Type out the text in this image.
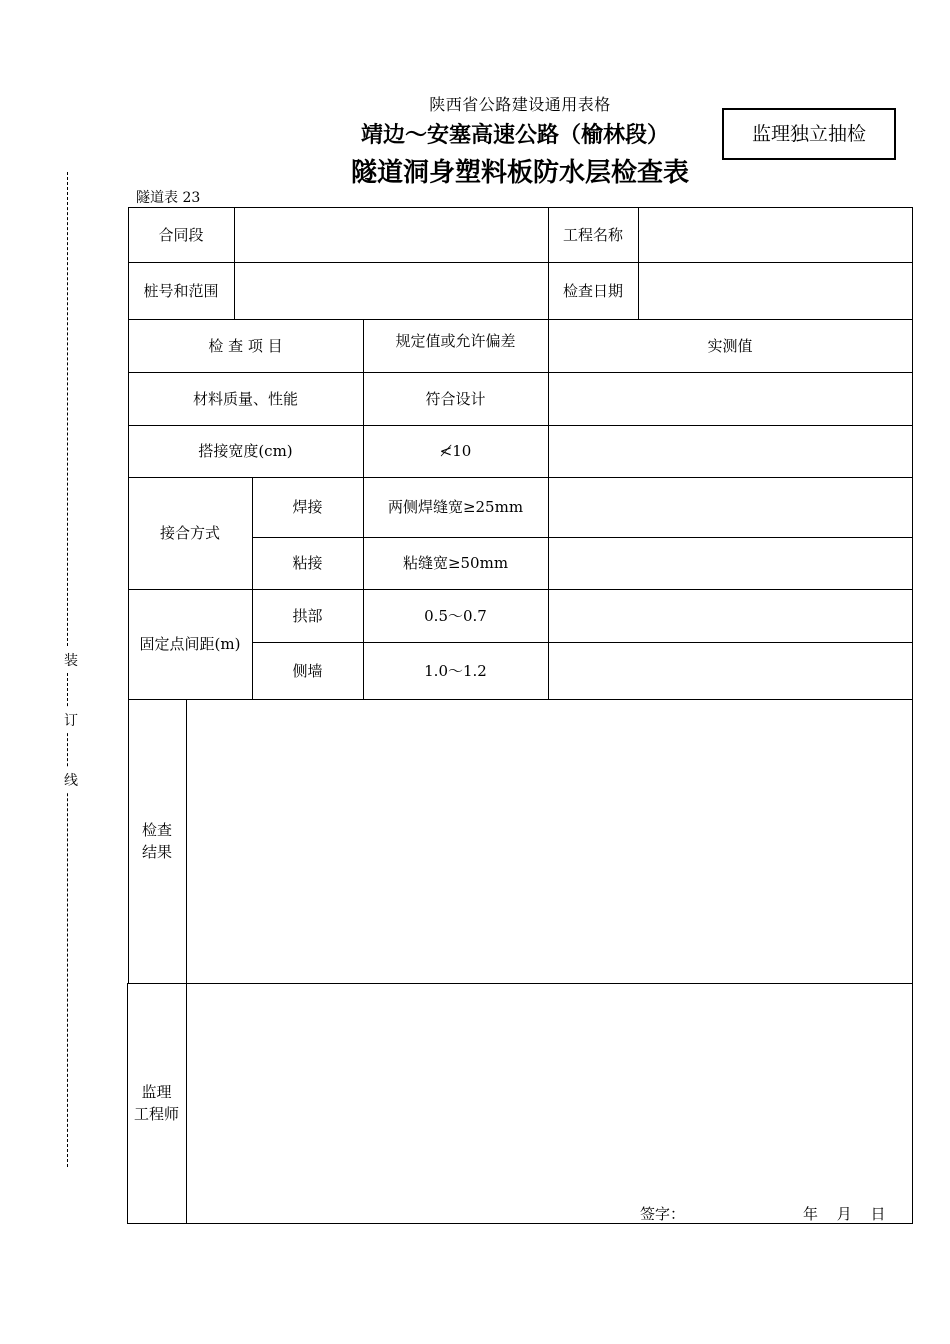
陕西省公路建设通用表格
靖边～安塞高速公路（榆林段）
隧道洞身塑料板防水层检查表
监理独立抽检
隧道表 23
装
订
线
合同段	工程名称
桩号和范围	检查日期
检 查 项 目	规定值或允许偏差	实测值
材料质量、性能	符合设计
搭接宽度(cm)	≮10
接合方式
焊接	两侧焊缝宽≥25mm
粘接	粘缝宽≥50mm
固定点间距(m)
拱部	0.5～0.7
侧墙	1.0～1.2
检查
结果
监理
工程师
签字：	年 月 日
